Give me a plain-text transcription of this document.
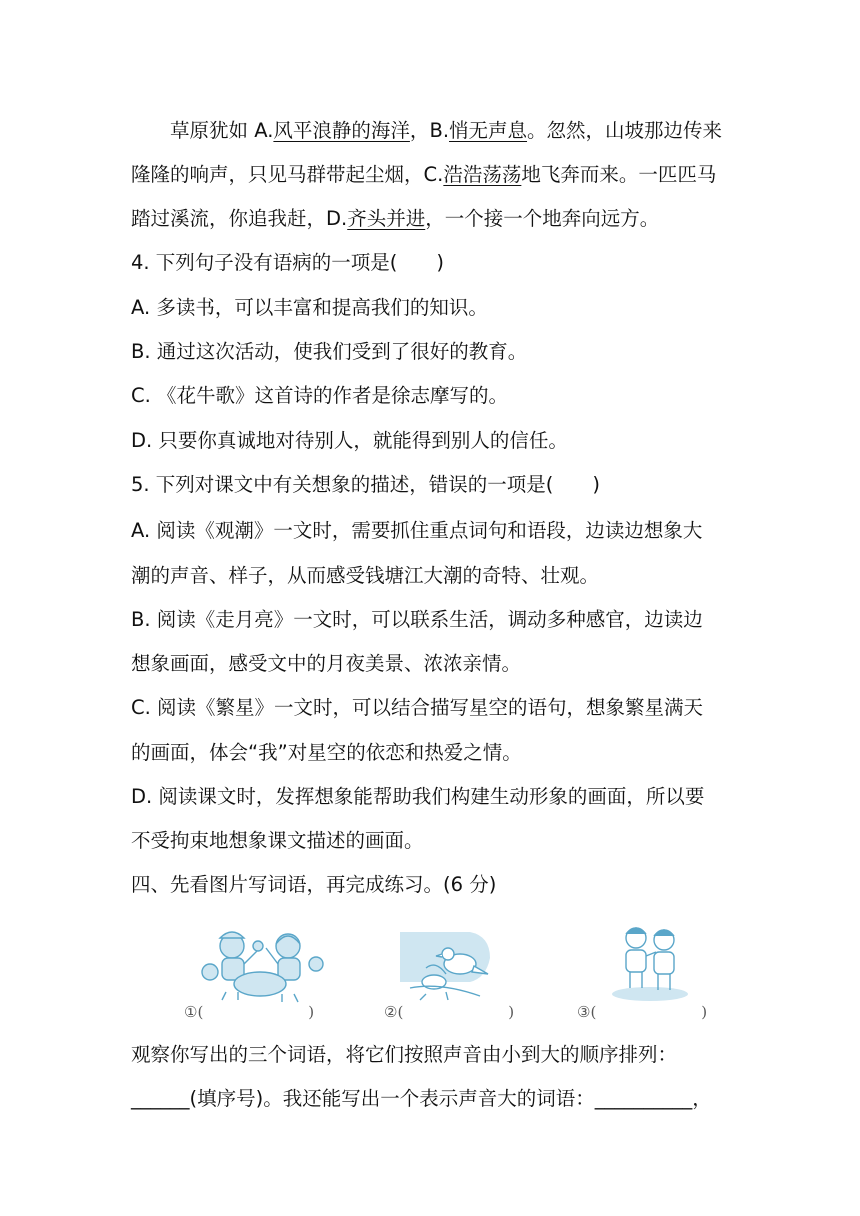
草原犹如 A.风平浪静的海洋，B.悄无声息。忽然，山坡那边传来
隆隆的响声，只见马群带起尘烟，C.浩浩荡荡地飞奔而来。一匹匹马
踏过溪流，你追我赶，D.齐头并进，一个接一个地奔向远方。
4. 下列句子没有语病的一项是(　　)
A. 多读书，可以丰富和提高我们的知识。
B. 通过这次活动，使我们受到了很好的教育。
C. 《花牛歌》这首诗的作者是徐志摩写的。
D. 只要你真诚地对待别人，就能得到别人的信任。
5. 下列对课文中有关想象的描述，错误的一项是(　　)
A. 阅读《观潮》一文时，需要抓住重点词句和语段，边读边想象大
潮的声音、样子，从而感受钱塘江大潮的奇特、壮观。
B. 阅读《走月亮》一文时，可以联系生活，调动多种感官，边读边
想象画面，感受文中的月夜美景、浓浓亲情。
C. 阅读《繁星》一文时，可以结合描写星空的语句，想象繁星满天
的画面，体会“我”对星空的依恋和热爱之情。
D. 阅读课文时，发挥想象能帮助我们构建生动形象的画面，所以要
不受拘束地想象课文描述的画面。
四、先看图片写词语，再完成练习。(6 分)
①(　　　　　　　)	②(　　　　　　　)	③(　　　　　　　)
观察你写出的三个词语，将它们按照声音由小到大的顺序排列：
______(填序号)。我还能写出一个表示声音大的词语：__________，
